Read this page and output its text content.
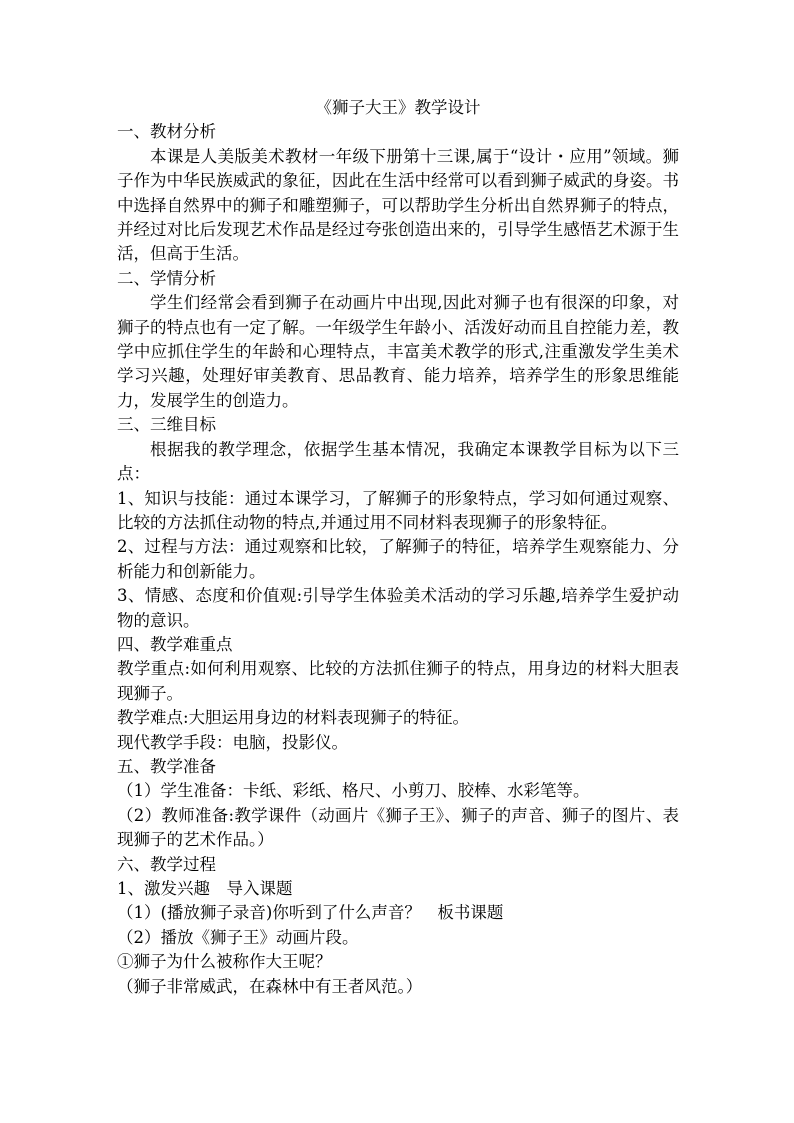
《狮子大王》教学设计

一、教材分析

本课是人美版美术教材一年级下册第十三课,属于“设计・应用”领域。狮子作为中华民族威武的象征，因此在生活中经常可以看到狮子威武的身姿。书中选择自然界中的狮子和雕塑狮子，可以帮助学生分析出自然界狮子的特点，并经过对比后发现艺术作品是经过夸张创造出来的，引导学生感悟艺术源于生活，但高于生活。

二、学情分析

学生们经常会看到狮子在动画片中出现,因此对狮子也有很深的印象，对狮子的特点也有一定了解。一年级学生年龄小、活泼好动而且自控能力差，教学中应抓住学生的年龄和心理特点，丰富美术教学的形式,注重激发学生美术学习兴趣，处理好审美教育、思品教育、能力培养，培养学生的形象思维能力，发展学生的创造力。

三、三维目标

根据我的教学理念，依据学生基本情况，我确定本课教学目标为以下三点：

1、知识与技能：通过本课学习，了解狮子的形象特点，学习如何通过观察、比较的方法抓住动物的特点,并通过用不同材料表现狮子的形象特征。

2、过程与方法：通过观察和比较，了解狮子的特征，培养学生观察能力、分析能力和创新能力。

3、情感、态度和价值观:引导学生体验美术活动的学习乐趣,培养学生爱护动物的意识。

四、教学难重点

教学重点:如何利用观察、比较的方法抓住狮子的特点，用身边的材料大胆表现狮子。

教学难点:大胆运用身边的材料表现狮子的特征。

现代教学手段：电脑，投影仪。

五、教学准备

（1）学生准备：卡纸、彩纸、格尺、小剪刀、胶棒、水彩笔等。

（2）教师准备:教学课件（动画片《狮子王》、狮子的声音、狮子的图片、表现狮子的艺术作品。）

六、教学过程

1、激发兴趣　导入课题

（1）(播放狮子录音)你听到了什么声音？　板书课题

（2）播放《狮子王》动画片段。

①狮子为什么被称作大王呢？

（狮子非常威武，在森林中有王者风范。）
